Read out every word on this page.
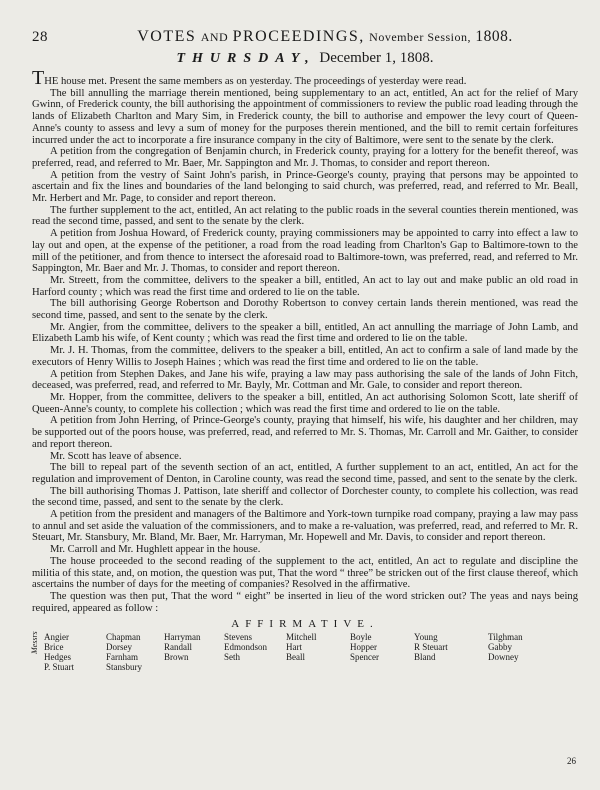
28	VOTES AND PROCEEDINGS, November Session, 1808.
THURSDAY, December 1, 1808.

THE house met. Present the same members as on yesterday. The proceedings of yesterday were read.

The bill annulling the marriage therein mentioned, being supplementary to an act, entitled, An act for the relief of Mary Gwinn, of Frederick county, the bill authorising the appointment of commissioners to review the public road leading through the lands of Elizabeth Charlton and Mary Sim, in Frederick county, the bill to authorise and empower the levy court of Queen-Anne's county to assess and levy a sum of money for the purposes therein mentioned, and the bill to remit certain forfeitures incurred under the act to incorporate a fire insurance company in the city of Baltimore, were sent to the senate by the clerk.

A petition from the congregation of Benjamin church, in Frederick county, praying for a lottery for the benefit thereof, was preferred, read, and referred to Mr. Baer, Mr. Sappington and Mr. J. Thomas, to consider and report thereon.

A petition from the vestry of Saint John's parish, in Prince-George's county, praying that persons may be appointed to ascertain and fix the lines and boundaries of the land belonging to said church, was preferred, read, and referred to Mr. Beall, Mr. Herbert and Mr. Page, to consider and report thereon.

The further supplement to the act, entitled, An act relating to the public roads in the several counties therein mentioned, was read the second time, passed, and sent to the senate by the clerk.

A petition from Joshua Howard, of Frederick county, praying commissioners may be appointed to carry into effect a law to lay out and open, at the expense of the petitioner, a road from the road leading from Charlton's Gap to Baltimore-town to the mill of the petitioner, and from thence to intersect the aforesaid road to Baltimore-town, was preferred, read, and referred to Mr. Sappington, Mr. Baer and Mr. J. Thomas, to consider and report thereon.

Mr. Streett, from the committee, delivers to the speaker a bill, entitled, An act to lay out and make public an old road in Harford county ; which was read the first time and ordered to lie on the table.

The bill authorising George Robertson and Dorothy Robertson to convey certain lands therein mentioned, was read the second time, passed, and sent to the senate by the clerk.

Mr. Angier, from the committee, delivers to the speaker a bill, entitled, An act annulling the marriage of John Lamb, and Elizabeth Lamb his wife, of Kent county ; which was read the first time and ordered to lie on the table.

Mr. J. H. Thomas, from the committee, delivers to the speaker a bill, entitled, An act to confirm a sale of land made by the executors of Henry Willis to Joseph Haines ; which was read the first time and ordered to lie on the table.

A petition from Stephen Dakes, and Jane his wife, praying a law may pass authorising the sale of the lands of John Fitch, deceased, was preferred, read, and referred to Mr. Bayly, Mr. Cottman and Mr. Gale, to consider and report thereon.

Mr. Hopper, from the committee, delivers to the speaker a bill, entitled, An act authorising Solomon Scott, late sheriff of Queen-Anne's county, to complete his collection ; which was read the first time and ordered to lie on the table.

A petition from John Herring, of Prince-George's county, praying that himself, his wife, his daughter and her children, may be supported out of the poors house, was preferred, read, and referred to Mr. S. Thomas, Mr. Carroll and Mr. Gaither, to consider and report thereon.

Mr. Scott has leave of absence.

The bill to repeal part of the seventh section of an act, entitled, A further supplement to an act, entitled, An act for the regulation and improvement of Denton, in Caroline county, was read the second time, passed, and sent to the senate by the clerk.

The bill authorising Thomas J. Pattison, late sheriff and collector of Dorchester county, to complete his collection, was read the second time, passed, and sent to the senate by the clerk.

A petition from the president and managers of the Baltimore and York-town turnpike road company, praying a law may pass to annul and set aside the valuation of the commissioners, and to make a re-valuation, was preferred, read, and referred to Mr. R. Steuart, Mr. Stansbury, Mr. Bland, Mr. Baer, Mr. Harryman, Mr. Hopewell and Mr. Davis, to consider and report thereon.

Mr. Carroll and Mr. Hughlett appear in the house.

The house proceeded to the second reading of the supplement to the act, entitled, An act to regulate and discipline the militia of this state, and, on motion, the question was put, That the word “ three” be stricken out of the first clause thereof, which ascertains the number of days for the meeting of companies? Resolved in the affirmative.

The question was then put, That the word “ eight” be inserted in lieu of the word stricken out? The yeas and nays being required, appeared as follow :

AFFIRMATIVE.
Messrs Angier
Brice
Hedges
P. Stuart
Chapman
Dorsey
Farnham
Stansbury
Harryman
Randall
Brown
Stevens
Edmondson
Seth
Mitchell
Hart
Beall
Boyle
Hopper
Spencer
Young
R Steuart
Bland
Tilghman
Gabby
Downey
26
